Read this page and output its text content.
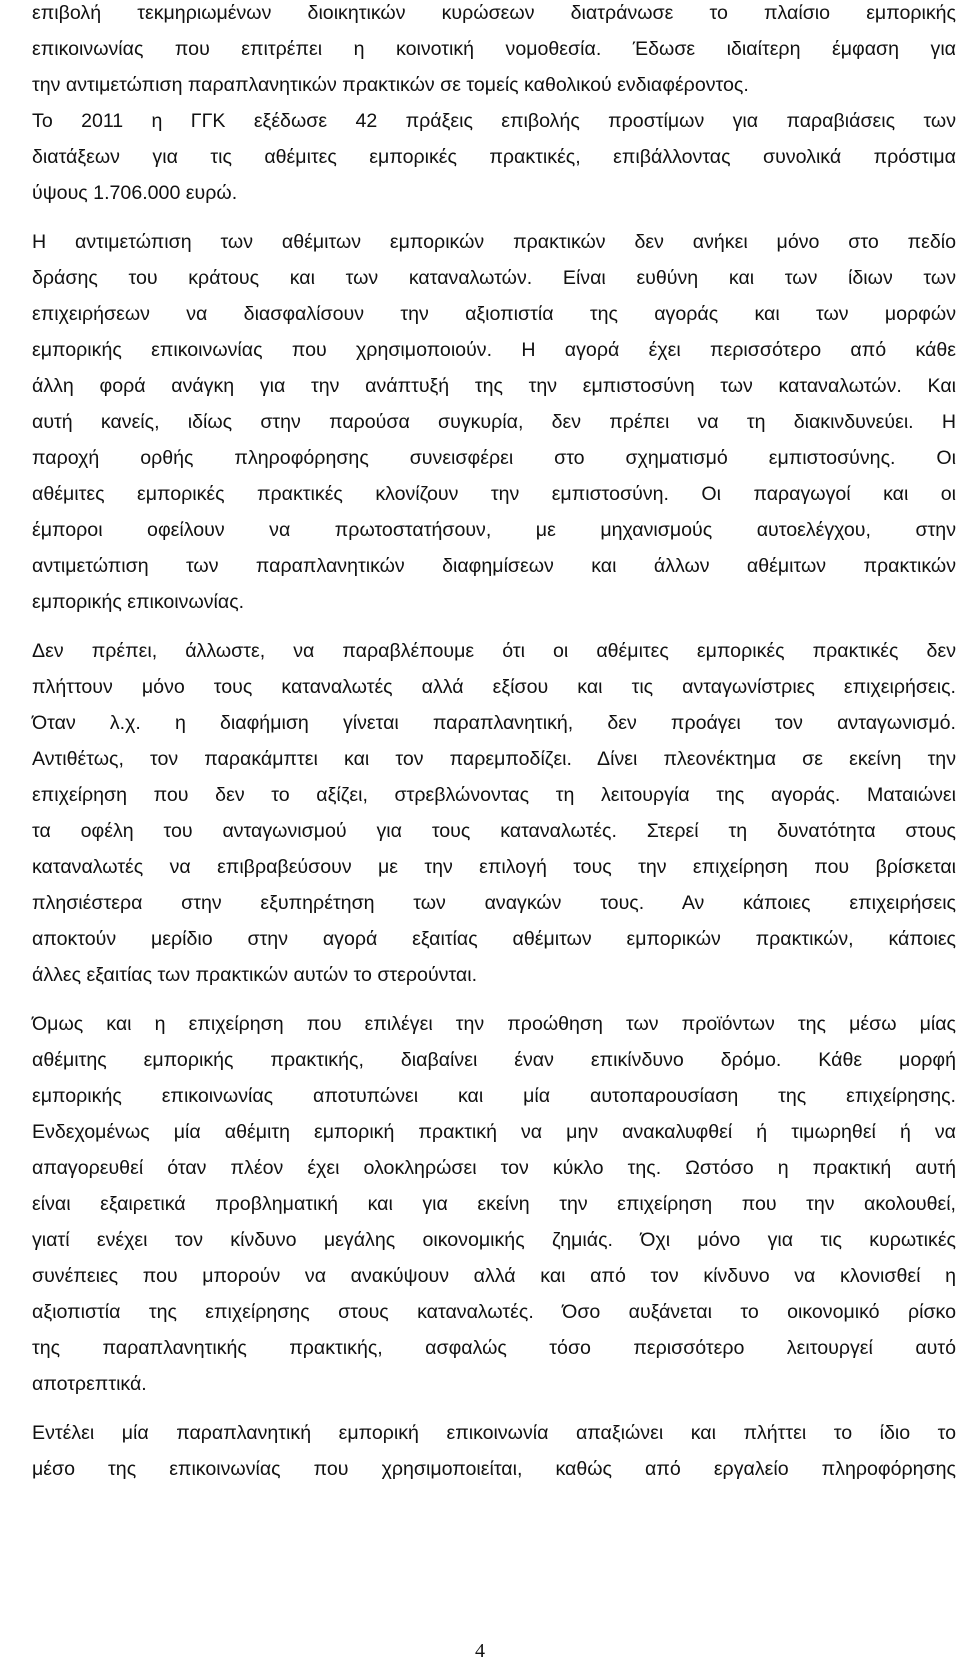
επιβολή τεκμηριωμένων διοικητικών κυρώσεων διατράνωσε το πλαίσιο εμπορικής
επικοινωνίας που επιτρέπει η κοινοτική νομοθεσία. Έδωσε ιδιαίτερη έμφαση για
την αντιμετώπιση παραπλανητικών πρακτικών σε τομείς καθολικού ενδιαφέροντος.
Το 2011 η ΓΓΚ εξέδωσε 42 πράξεις επιβολής προστίμων για παραβιάσεις των
διατάξεων για τις αθέμιτες εμπορικές πρακτικές, επιβάλλοντας συνολικά πρόστιμα
ύψους 1.706.000 ευρώ.
Η αντιμετώπιση των αθέμιτων εμπορικών πρακτικών δεν ανήκει μόνο στο πεδίο
δράσης του κράτους και των καταναλωτών. Είναι ευθύνη και των ίδιων των
επιχειρήσεων να διασφαλίσουν την αξιοπιστία της αγοράς και των μορφών
εμπορικής επικοινωνίας που χρησιμοποιούν. Η αγορά έχει περισσότερο από κάθε
άλλη φορά ανάγκη για την ανάπτυξή της την εμπιστοσύνη των καταναλωτών. Και
αυτή κανείς, ιδίως στην παρούσα συγκυρία, δεν πρέπει να τη διακινδυνεύει. Η
παροχή ορθής πληροφόρησης συνεισφέρει στο σχηματισμό εμπιστοσύνης. Οι
αθέμιτες εμπορικές πρακτικές κλονίζουν την εμπιστοσύνη. Οι παραγωγοί και οι
έμποροι οφείλουν να πρωτοστατήσουν, με μηχανισμούς αυτοελέγχου, στην
αντιμετώπιση των παραπλανητικών διαφημίσεων και άλλων αθέμιτων πρακτικών
εμπορικής επικοινωνίας.
Δεν πρέπει, άλλωστε, να παραβλέπουμε ότι οι αθέμιτες εμπορικές πρακτικές δεν
πλήττουν μόνο τους καταναλωτές αλλά εξίσου και τις ανταγωνίστριες επιχειρήσεις.
Όταν λ.χ. η διαφήμιση γίνεται παραπλανητική, δεν προάγει τον ανταγωνισμό.
Αντιθέτως, τον παρακάμπτει και τον παρεμποδίζει. Δίνει πλεονέκτημα σε εκείνη την
επιχείρηση που δεν το αξίζει, στρεβλώνοντας τη λειτουργία της αγοράς. Ματαιώνει
τα οφέλη του ανταγωνισμού για τους καταναλωτές. Στερεί τη δυνατότητα στους
καταναλωτές να επιβραβεύσουν με την επιλογή τους την επιχείρηση που βρίσκεται
πλησιέστερα στην εξυπηρέτηση των αναγκών τους. Αν κάποιες επιχειρήσεις
αποκτούν μερίδιο στην αγορά εξαιτίας αθέμιτων εμπορικών πρακτικών, κάποιες
άλλες εξαιτίας των πρακτικών αυτών το στερούνται.
Όμως και η επιχείρηση που επιλέγει την προώθηση των προϊόντων της μέσω μίας
αθέμιτης εμπορικής πρακτικής, διαβαίνει έναν επικίνδυνο δρόμο. Κάθε μορφή
εμπορικής επικοινωνίας αποτυπώνει και μία αυτοπαρουσίαση της επιχείρησης.
Ενδεχομένως μία αθέμιτη εμπορική πρακτική να μην ανακαλυφθεί ή τιμωρηθεί ή να
απαγορευθεί όταν πλέον έχει ολοκληρώσει τον κύκλο της. Ωστόσο η πρακτική αυτή
είναι εξαιρετικά προβληματική και για εκείνη την επιχείρηση που την ακολουθεί,
γιατί ενέχει τον κίνδυνο μεγάλης οικονομικής ζημιάς. Όχι μόνο για τις κυρωτικές
συνέπειες που μπορούν να ανακύψουν αλλά και από τον κίνδυνο να κλονισθεί η
αξιοπιστία της επιχείρησης στους καταναλωτές. Όσο αυξάνεται το οικονομικό ρίσκο
της παραπλανητικής πρακτικής, ασφαλώς τόσο περισσότερο λειτουργεί αυτό
αποτρεπτικά.
Εντέλει μία παραπλανητική εμπορική επικοινωνία απαξιώνει και πλήττει το ίδιο το
μέσο της επικοινωνίας που χρησιμοποιείται, καθώς από εργαλείο πληροφόρησης
4
